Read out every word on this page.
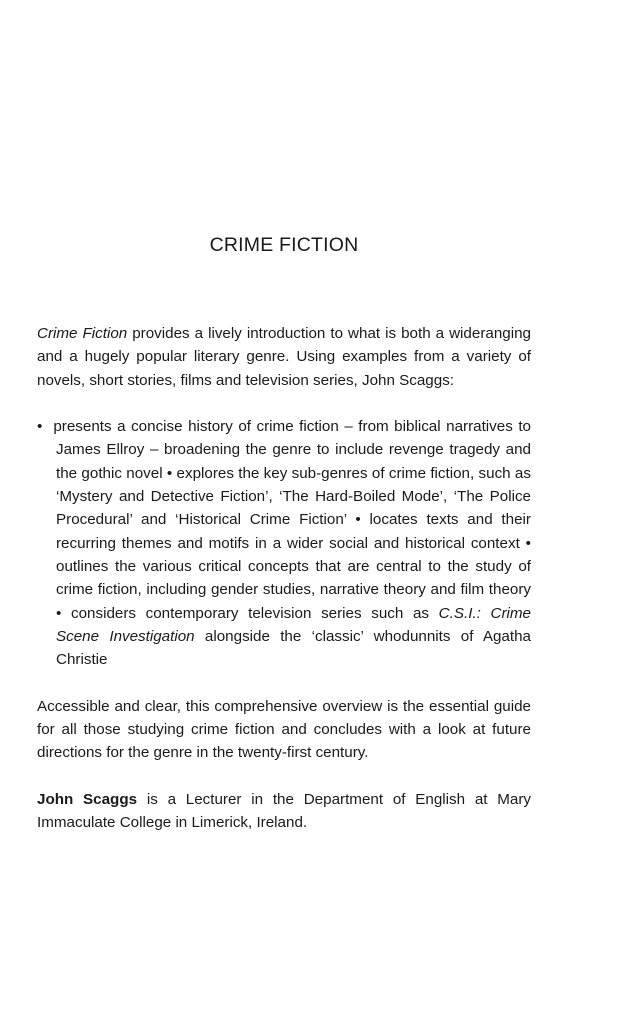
CRIME FICTION

Crime Fiction provides a lively introduction to what is both a wideranging and a hugely popular literary genre. Using examples from a variety of novels, short stories, films and television series, John Scaggs:

• presents a concise history of crime fiction – from biblical narratives to James Ellroy – broadening the genre to include revenge tragedy and the gothic novel • explores the key sub-genres of crime fiction, such as ‘Mystery and Detective Fiction’, ‘The Hard-Boiled Mode’, ‘The Police Procedural’ and ‘Historical Crime Fiction’ • locates texts and their recurring themes and motifs in a wider social and historical context • outlines the various critical concepts that are central to the study of crime fiction, including gender studies, narrative theory and film theory • considers contemporary television series such as C.S.I.: Crime Scene Investigation alongside the ‘classic’ whodunnits of Agatha Christie

Accessible and clear, this comprehensive overview is the essential guide for all those studying crime fiction and concludes with a look at future directions for the genre in the twenty-first century.

John Scaggs is a Lecturer in the Department of English at Mary Immaculate College in Limerick, Ireland.
